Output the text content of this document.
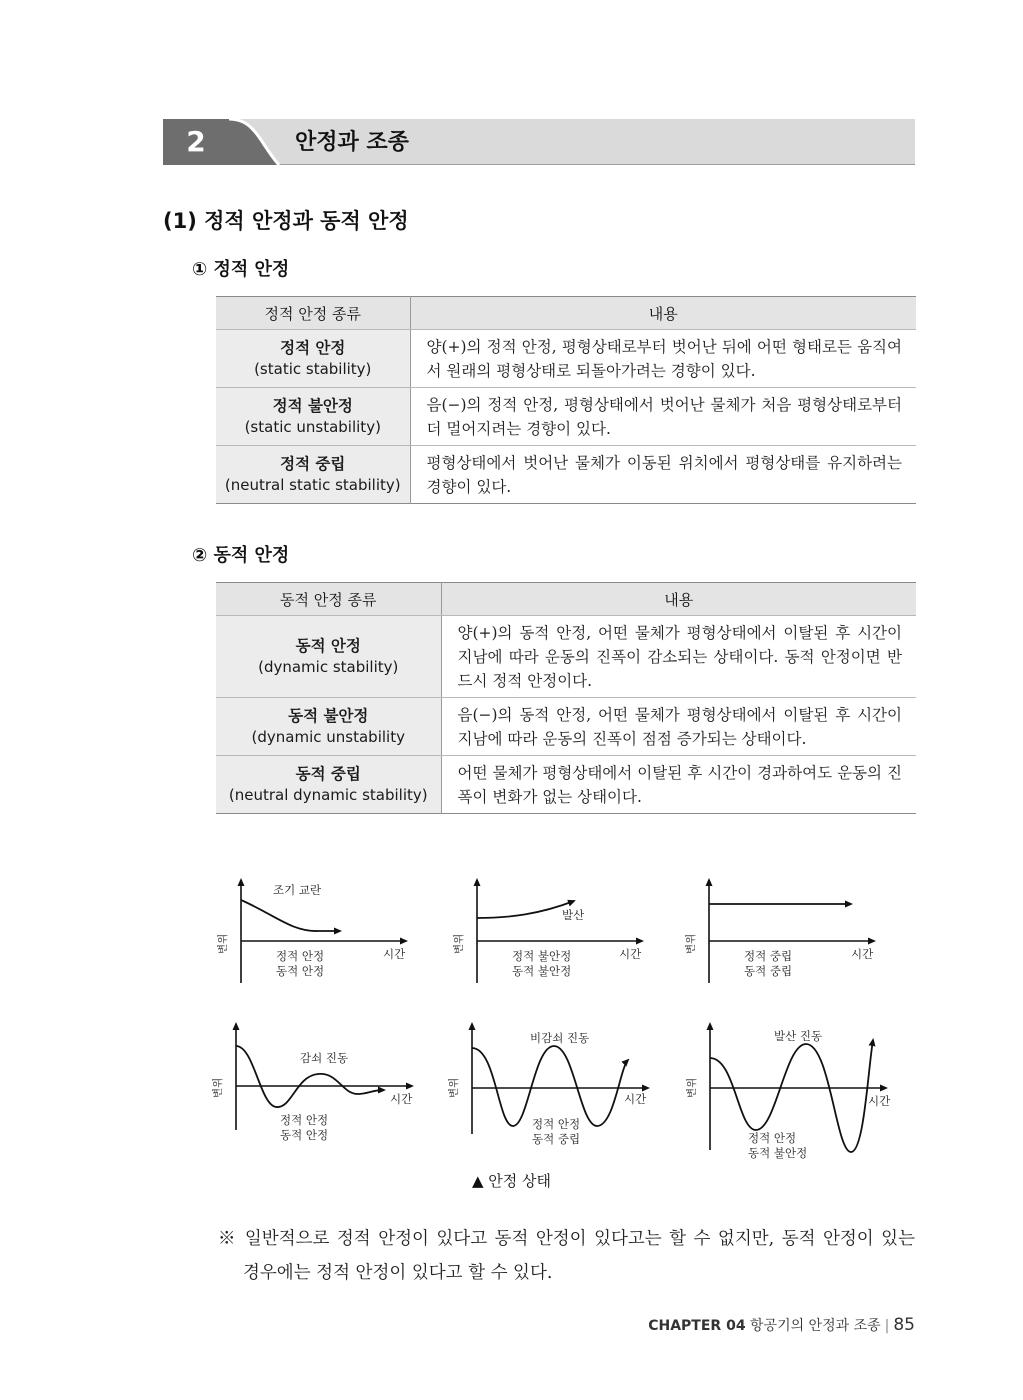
2	안정과 조종
(1) 정적 안정과 동적 안정
① 정적 안정
정적 안정 종류	내용

정적 안정
(static stability)	양(+)의 정적 안정, 평형상태로부터 벗어난 뒤에 어떤 형태로든 움직여서 원래의 평형상태로 되돌아가려는 경향이 있다.

정적 불안정
(static unstability)	음(−)의 정적 안정, 평형상태에서 벗어난 물체가 처음 평형상태로부터 더 멀어지려는 경향이 있다.

정적 중립
(neutral static stability)	평형상태에서 벗어난 물체가 이동된 위치에서 평형상태를 유지하려는 경향이 있다.
② 동적 안정
동적 안정 종류	내용

동적 안정
(dynamic stability)	양(+)의 동적 안정, 어떤 물체가 평형상태에서 이탈된 후 시간이 지남에 따라 운동의 진폭이 감소되는 상태이다. 동적 안정이면 반드시 정적 안정이다.

동적 불안정
(dynamic unstability	음(−)의 동적 안정, 어떤 물체가 평형상태에서 이탈된 후 시간이 지남에 따라 운동의 진폭이 점점 증가되는 상태이다.

동적 중립
(neutral dynamic stability)	어떤 물체가 평형상태에서 이탈된 후 시간이 경과하여도 운동의 진폭이 변화가 없는 상태이다.
조기 교란
정적 안정
동적 안정
시간
변위
발산
정적 불안정
동적 불안정
시간
변위
정적 중립
동적 중립
시간
변위
감쇠 진동
정적 안정
동적 안정
시간
변위
비감쇠 진동
정적 안정
동적 중립
시간
변위
발산 진동
정적 안정
동적 불안정
시간
변위
▲ 안정 상태
※ 일반적으로 정적 안정이 있다고 동적 안정이 있다고는 할 수 없지만, 동적 안정이 있는
경우에는 정적 안정이 있다고 할 수 있다.
CHAPTER 04 항공기의 안정과 조종 | 85
